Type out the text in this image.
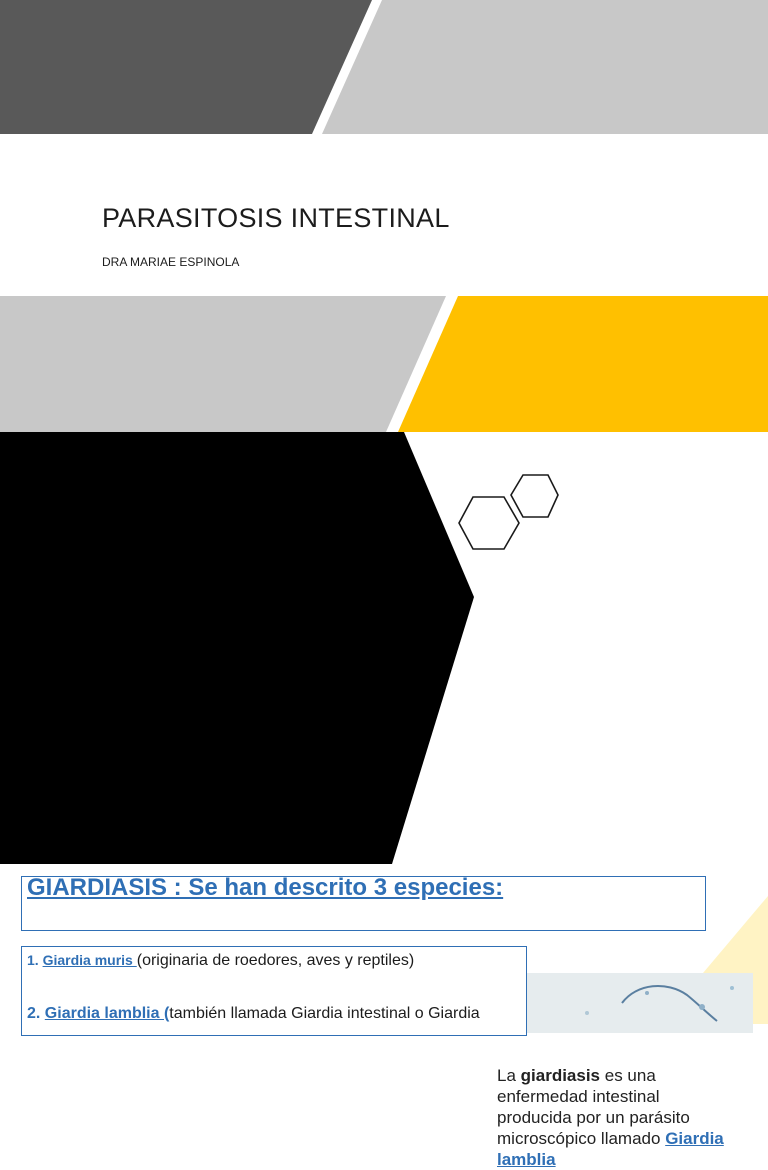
PARASITOSIS INTESTINAL
DRA MARIAE ESPINOLA
GIARDIASIS	La giardiasis es una enfermedad intestinal producida por un parásito microscópico llamado Giardia lamblia
GIARDIASIS : Se han descrito 3 especies:
1. Giardia muris (originaria de roedores, aves y reptiles)
2. Giardia lamblia (también llamada Giardia intestinal o Giardia
